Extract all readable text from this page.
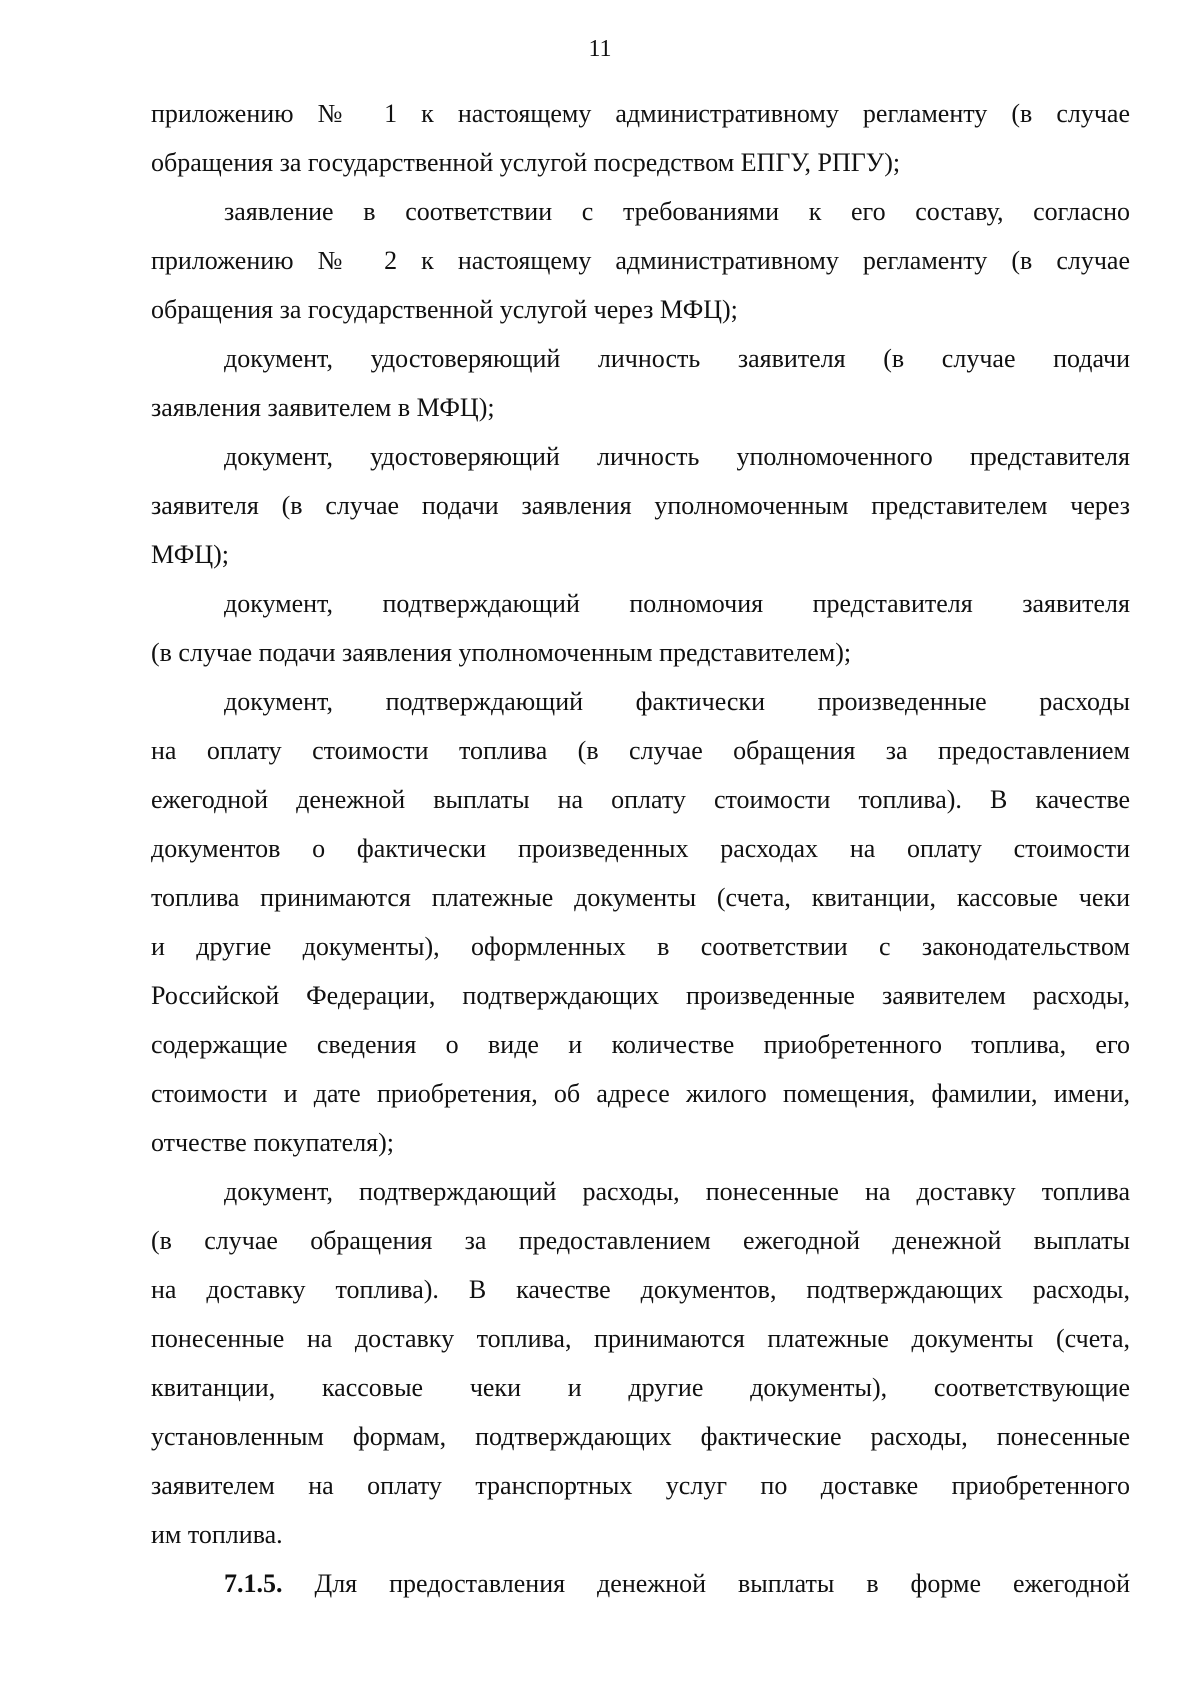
11

приложению № 1 к настоящему административному регламенту (в случае
обращения за государственной услугой посредством ЕПГУ, РПГУ);

заявление в соответствии с требованиями к его составу, согласно
приложению № 2 к настоящему административному регламенту (в случае
обращения за государственной услугой через МФЦ);

документ, удостоверяющий личность заявителя (в случае подачи
заявления заявителем в МФЦ);

документ, удостоверяющий личность уполномоченного представителя
заявителя (в случае подачи заявления уполномоченным представителем через
МФЦ);

документ, подтверждающий полномочия представителя заявителя
(в случае подачи заявления уполномоченным представителем);

документ, подтверждающий фактически произведенные расходы
на оплату стоимости топлива (в случае обращения за предоставлением
ежегодной денежной выплаты на оплату стоимости топлива). В качестве
документов о фактически произведенных расходах на оплату стоимости
топлива принимаются платежные документы (счета, квитанции, кассовые чеки
и другие документы), оформленных в соответствии с законодательством
Российской Федерации, подтверждающих произведенные заявителем расходы,
содержащие сведения о виде и количестве приобретенного топлива, его
стоимости и дате приобретения, об адресе жилого помещения, фамилии, имени,
отчестве покупателя);

документ, подтверждающий расходы, понесенные на доставку топлива
(в случае обращения за предоставлением ежегодной денежной выплаты
на доставку топлива). В качестве документов, подтверждающих расходы,
понесенные на доставку топлива, принимаются платежные документы (счета,
квитанции, кассовые чеки и другие документы), соответствующие
установленным формам, подтверждающих фактические расходы, понесенные
заявителем на оплату транспортных услуг по доставке приобретенного
им топлива.

7.1.5. Для предоставления денежной выплаты в форме ежегодной
